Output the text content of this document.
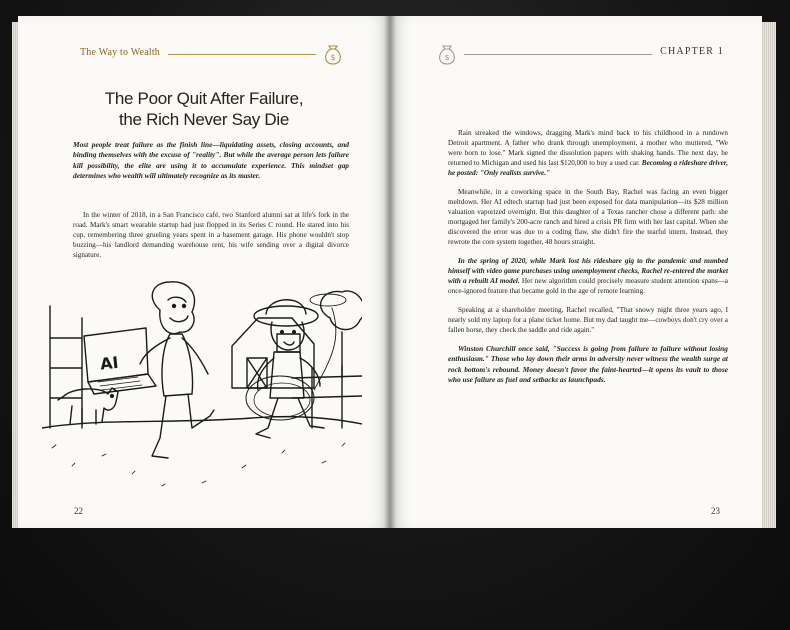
The Way to Wealth	$
The Poor Quit After Failure,
the Rich Never Say Die
Most people treat failure as the finish line—liquidating assets, closing accounts, and binding themselves with the excuse of "reality". But while the average person lets failure kill possibility, the elite are using it to accumulate experience. This mindset gap determines who wealth will ultimately recognize as its master.
In the winter of 2018, in a San Francisco café, two Stanford alumni sat at life's fork in the road. Mark's smart wearable startup had just flopped in its Series C round. He stared into his cup, remembering three grueling years spent in a basement garage. His phone wouldn't stop buzzing—his landlord demanding warehouse rent, his wife sending over a digital divorce signature.
AI
22
$
CHAPTER 1

Rain streaked the windows, dragging Mark's mind back to his childhood in a rundown Detroit apartment. A father who drank through unemployment, a mother who muttered, "We were born to lose." Mark signed the dissolution papers with shaking hands. The next day, he returned to Michigan and used his last $120,000 to buy a used car. Becoming a rideshare driver, he posted: "Only realists survive."

Meanwhile, in a coworking space in the South Bay, Rachel was facing an even bigger meltdown. Her AI edtech startup had just been exposed for data manipulation—its $28 million valuation vaporized overnight. But this daughter of a Texas rancher chose a different path: she mortgaged her family's 200-acre ranch and hired a crisis PR firm with her last capital. When she discovered the error was due to a coding flaw, she didn't fire the tearful intern. Instead, they rewrote the core system together, 48 hours straight.

In the spring of 2020, while Mark lost his rideshare gig to the pandemic and numbed himself with video game purchases using unemployment checks, Rachel re-entered the market with a rebuilt AI model. Her new algorithm could precisely measure student attention spans—a once-ignored feature that became gold in the age of remote learning.

Speaking at a shareholder meeting, Rachel recalled, "That snowy night three years ago, I nearly sold my laptop for a plane ticket home. But my dad taught me—cowboys don't cry over a fallen horse, they check the saddle and ride again."

Winston Churchill once said, "Success is going from failure to failure without losing enthusiasm." Those who lay down their arms in adversity never witness the wealth surge at rock bottom's rebound. Money doesn't favor the faint-hearted—it opens its vault to those who use failure as fuel and setbacks as launchpads.
23
